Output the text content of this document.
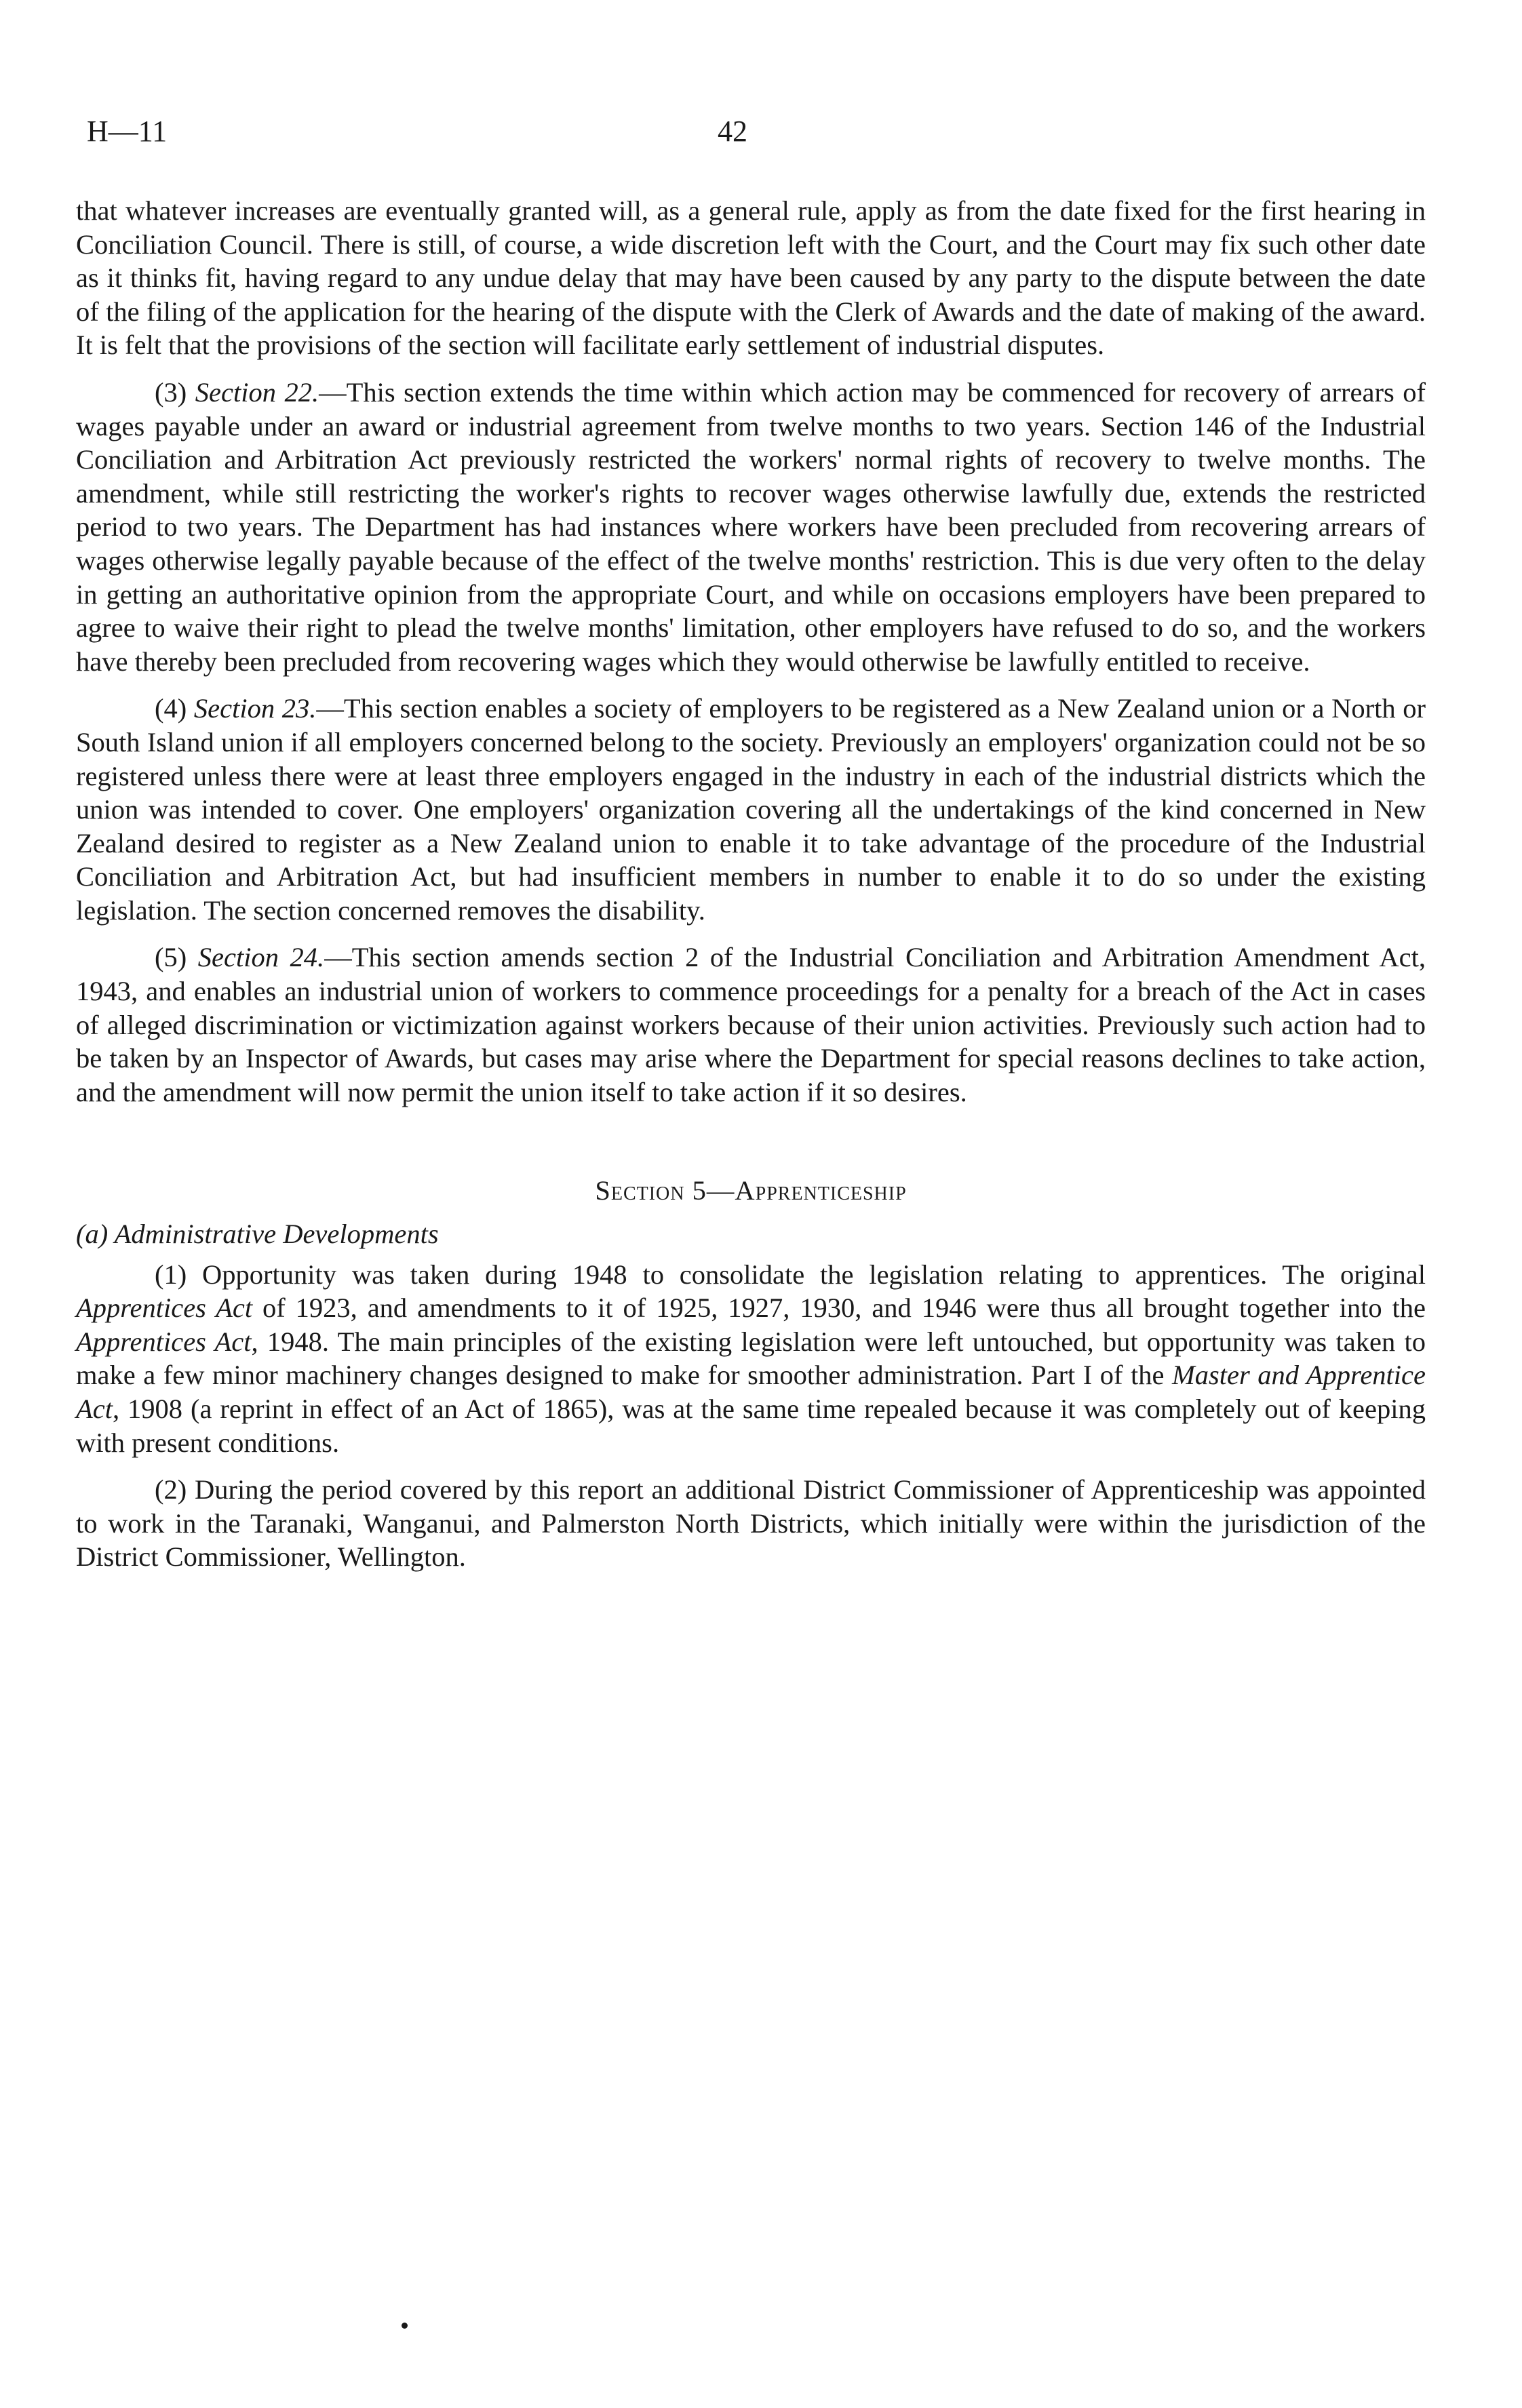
H—11	42

that whatever increases are eventually granted will, as a general rule, apply as from the date fixed for the first hearing in Conciliation Council. There is still, of course, a wide discretion left with the Court, and the Court may fix such other date as it thinks fit, having regard to any undue delay that may have been caused by any party to the dispute between the date of the filing of the application for the hearing of the dispute with the Clerk of Awards and the date of making of the award. It is felt that the provisions of the section will facilitate early settlement of industrial disputes.

(3) Section 22.—This section extends the time within which action may be commenced for recovery of arrears of wages payable under an award or industrial agreement from twelve months to two years. Section 146 of the Industrial Conciliation and Arbitration Act previously restricted the workers' normal rights of recovery to twelve months. The amendment, while still restricting the worker's rights to recover wages otherwise lawfully due, extends the restricted period to two years. The Department has had instances where workers have been precluded from recovering arrears of wages otherwise legally payable because of the effect of the twelve months' restriction. This is due very often to the delay in getting an authoritative opinion from the appropriate Court, and while on occasions employers have been prepared to agree to waive their right to plead the twelve months' limitation, other employers have refused to do so, and the workers have thereby been precluded from recovering wages which they would otherwise be lawfully entitled to receive.

(4) Section 23.—This section enables a society of employers to be registered as a New Zealand union or a North or South Island union if all employers concerned belong to the society. Previously an employers' organization could not be so registered unless there were at least three employers engaged in the industry in each of the industrial districts which the union was intended to cover. One employers' organization covering all the undertakings of the kind concerned in New Zealand desired to register as a New Zealand union to enable it to take advantage of the procedure of the Industrial Conciliation and Arbitration Act, but had insufficient members in number to enable it to do so under the existing legislation. The section concerned removes the disability.

(5) Section 24.—This section amends section 2 of the Industrial Conciliation and Arbitration Amendment Act, 1943, and enables an industrial union of workers to commence proceedings for a penalty for a breach of the Act in cases of alleged discrimination or victimization against workers because of their union activities. Previously such action had to be taken by an Inspector of Awards, but cases may arise where the Department for special reasons declines to take action, and the amendment will now permit the union itself to take action if it so desires.

Section 5—Apprenticeship
(a) Administrative Developments

(1) Opportunity was taken during 1948 to consolidate the legislation relating to apprentices. The original Apprentices Act of 1923, and amendments to it of 1925, 1927, 1930, and 1946 were thus all brought together into the Apprentices Act, 1948. The main principles of the existing legislation were left untouched, but opportunity was taken to make a few minor machinery changes designed to make for smoother administration. Part I of the Master and Apprentice Act, 1908 (a reprint in effect of an Act of 1865), was at the same time repealed because it was completely out of keeping with present conditions.

(2) During the period covered by this report an additional District Commissioner of Apprenticeship was appointed to work in the Taranaki, Wanganui, and Palmerston North Districts, which initially were within the jurisdiction of the District Commissioner, Wellington.
